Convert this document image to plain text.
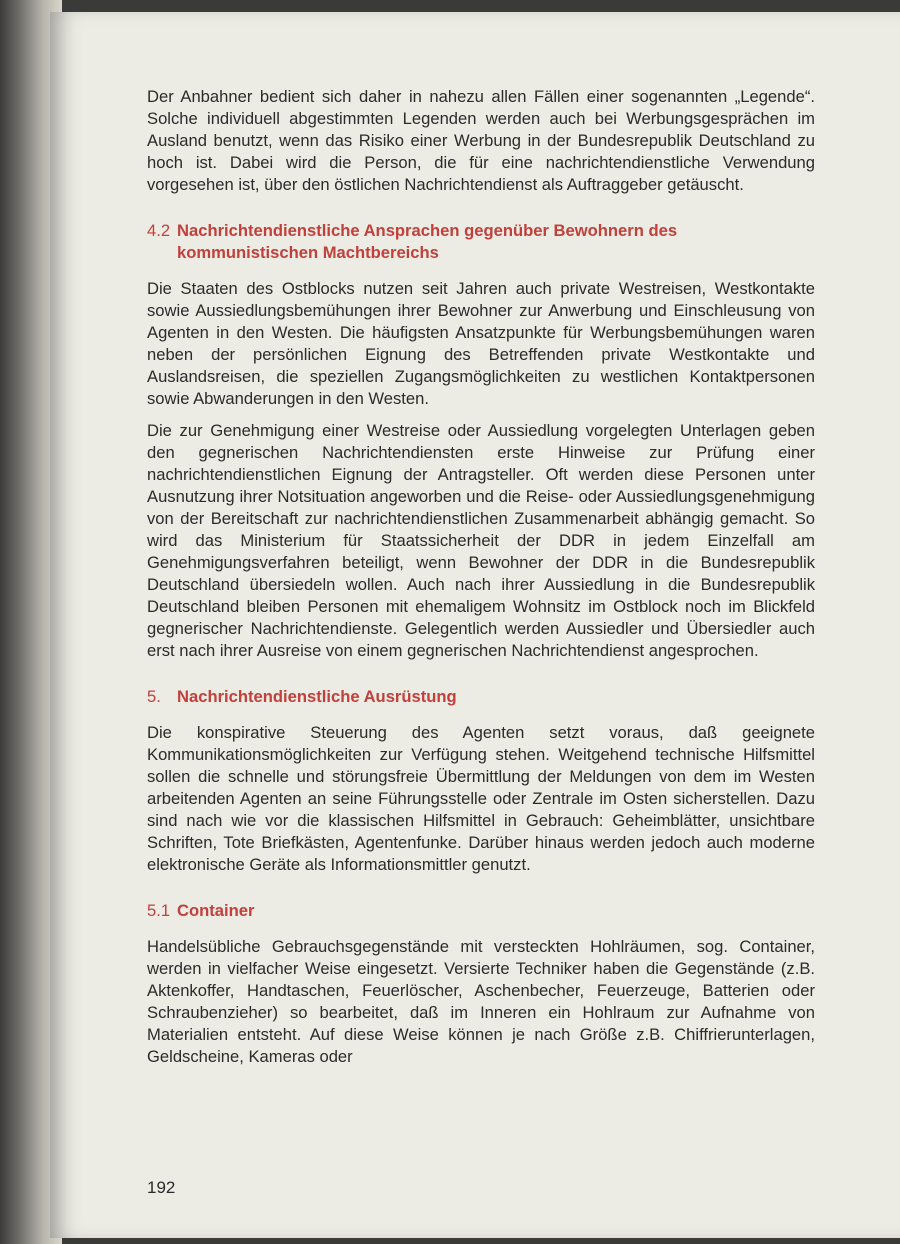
Der Anbahner bedient sich daher in nahezu allen Fällen einer sogenannten „Legende“. Solche individuell abgestimmten Legenden werden auch bei Werbungsgesprächen im Ausland benutzt, wenn das Risiko einer Werbung in der Bundesrepublik Deutschland zu hoch ist. Dabei wird die Person, die für eine nachrichtendienstliche Verwendung vorgesehen ist, über den östlichen Nachrichtendienst als Auftraggeber getäuscht.

4.2 Nachrichtendienstliche Ansprachen gegenüber Bewohnern des kommunistischen Machtbereichs

Die Staaten des Ostblocks nutzen seit Jahren auch private Westreisen, Westkontakte sowie Aussiedlungsbemühungen ihrer Bewohner zur Anwerbung und Einschleusung von Agenten in den Westen. Die häufigsten Ansatzpunkte für Werbungsbemühungen waren neben der persönlichen Eignung des Betreffenden private Westkontakte und Auslandsreisen, die speziellen Zugangsmöglichkeiten zu westlichen Kontaktpersonen sowie Abwanderungen in den Westen.

Die zur Genehmigung einer Westreise oder Aussiedlung vorgelegten Unterlagen geben den gegnerischen Nachrichtendiensten erste Hinweise zur Prüfung einer nachrichtendienstlichen Eignung der Antragsteller. Oft werden diese Personen unter Ausnutzung ihrer Notsituation angeworben und die Reise- oder Aussiedlungsgenehmigung von der Bereitschaft zur nachrichtendienstlichen Zusammenarbeit abhängig gemacht. So wird das Ministerium für Staatssicherheit der DDR in jedem Einzelfall am Genehmigungsverfahren beteiligt, wenn Bewohner der DDR in die Bundesrepublik Deutschland übersiedeln wollen. Auch nach ihrer Aussiedlung in die Bundesrepublik Deutschland bleiben Personen mit ehemaligem Wohnsitz im Ostblock noch im Blickfeld gegnerischer Nachrichtendienste. Gelegentlich werden Aussiedler und Übersiedler auch erst nach ihrer Ausreise von einem gegnerischen Nachrichtendienst angesprochen.

5. Nachrichtendienstliche Ausrüstung

Die konspirative Steuerung des Agenten setzt voraus, daß geeignete Kommunikationsmöglichkeiten zur Verfügung stehen. Weitgehend technische Hilfsmittel sollen die schnelle und störungsfreie Übermittlung der Meldungen von dem im Westen arbeitenden Agenten an seine Führungsstelle oder Zentrale im Osten sicherstellen. Dazu sind nach wie vor die klassischen Hilfsmittel in Gebrauch: Geheimblätter, unsichtbare Schriften, Tote Briefkästen, Agentenfunke. Darüber hinaus werden jedoch auch moderne elektronische Geräte als Informationsmittler genutzt.

5.1 Container

Handelsübliche Gebrauchsgegenstände mit versteckten Hohlräumen, sog. Container, werden in vielfacher Weise eingesetzt. Versierte Techniker haben die Gegenstände (z.B. Aktenkoffer, Handtaschen, Feuerlöscher, Aschenbecher, Feuerzeuge, Batterien oder Schraubenzieher) so bearbeitet, daß im Inneren ein Hohlraum zur Aufnahme von Materialien entsteht. Auf diese Weise können je nach Größe z.B. Chiffrierunterlagen, Geldscheine, Kameras oder

192
